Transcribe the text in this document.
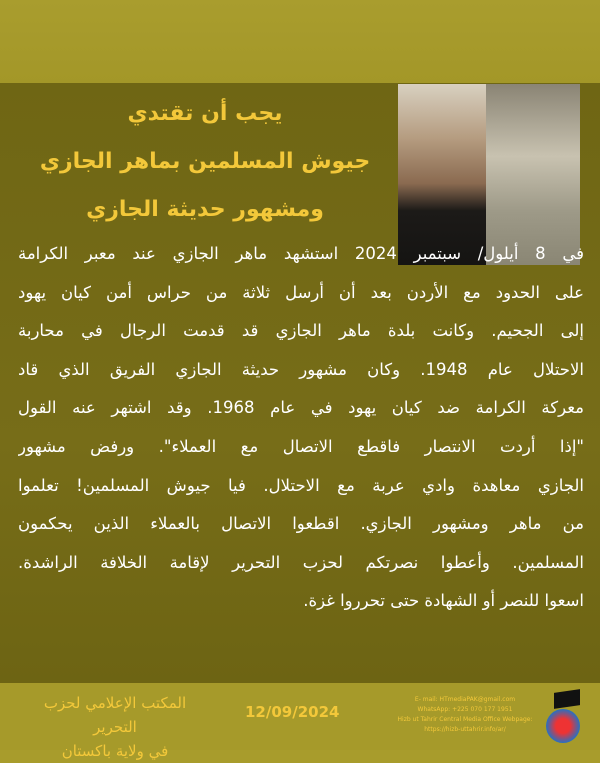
يجب أن تقتدي
جيوش المسلمين بماهر الجازي
ومشهور حديثة الجازي
في 8 أيلول/ سبتمبر 2024 استشهد ماهر الجازي عند معبر الكرامة
على الحدود مع الأردن بعد أن أرسل ثلاثة من حراس أمن كيان يهود
إلى الجحيم. وكانت بلدة ماهر الجازي قد قدمت الرجال في محاربة
الاحتلال عام 1948. وكان مشهور حديثة الجازي الفريق الذي قاد
معركة الكرامة ضد كيان يهود في عام 1968. وقد اشتهر عنه القول
"إذا أردت الانتصار فاقطع الاتصال مع العملاء". ورفض مشهور
الجازي معاهدة وادي عربة مع الاحتلال. فيا جيوش المسلمين! تعلموا
من ماهر ومشهور الجازي. اقطعوا الاتصال بالعملاء الذين يحكمون
المسلمين. وأعطوا نصرتكم لحزب التحرير لإقامة الخلافة الراشدة.
اسعوا للنصر أو الشهادة حتى تحرروا غزة.
المكتب الإعلامي لحزب التحرير
في ولاية باكستان
12/09/2024
E- mail: HTmediaPAK@gmail.com
WhatsApp: +225 070 177 1951
Hizb ut Tahrir Central Media Office Webpage:
https://hizb-uttahrir.info/ar/
